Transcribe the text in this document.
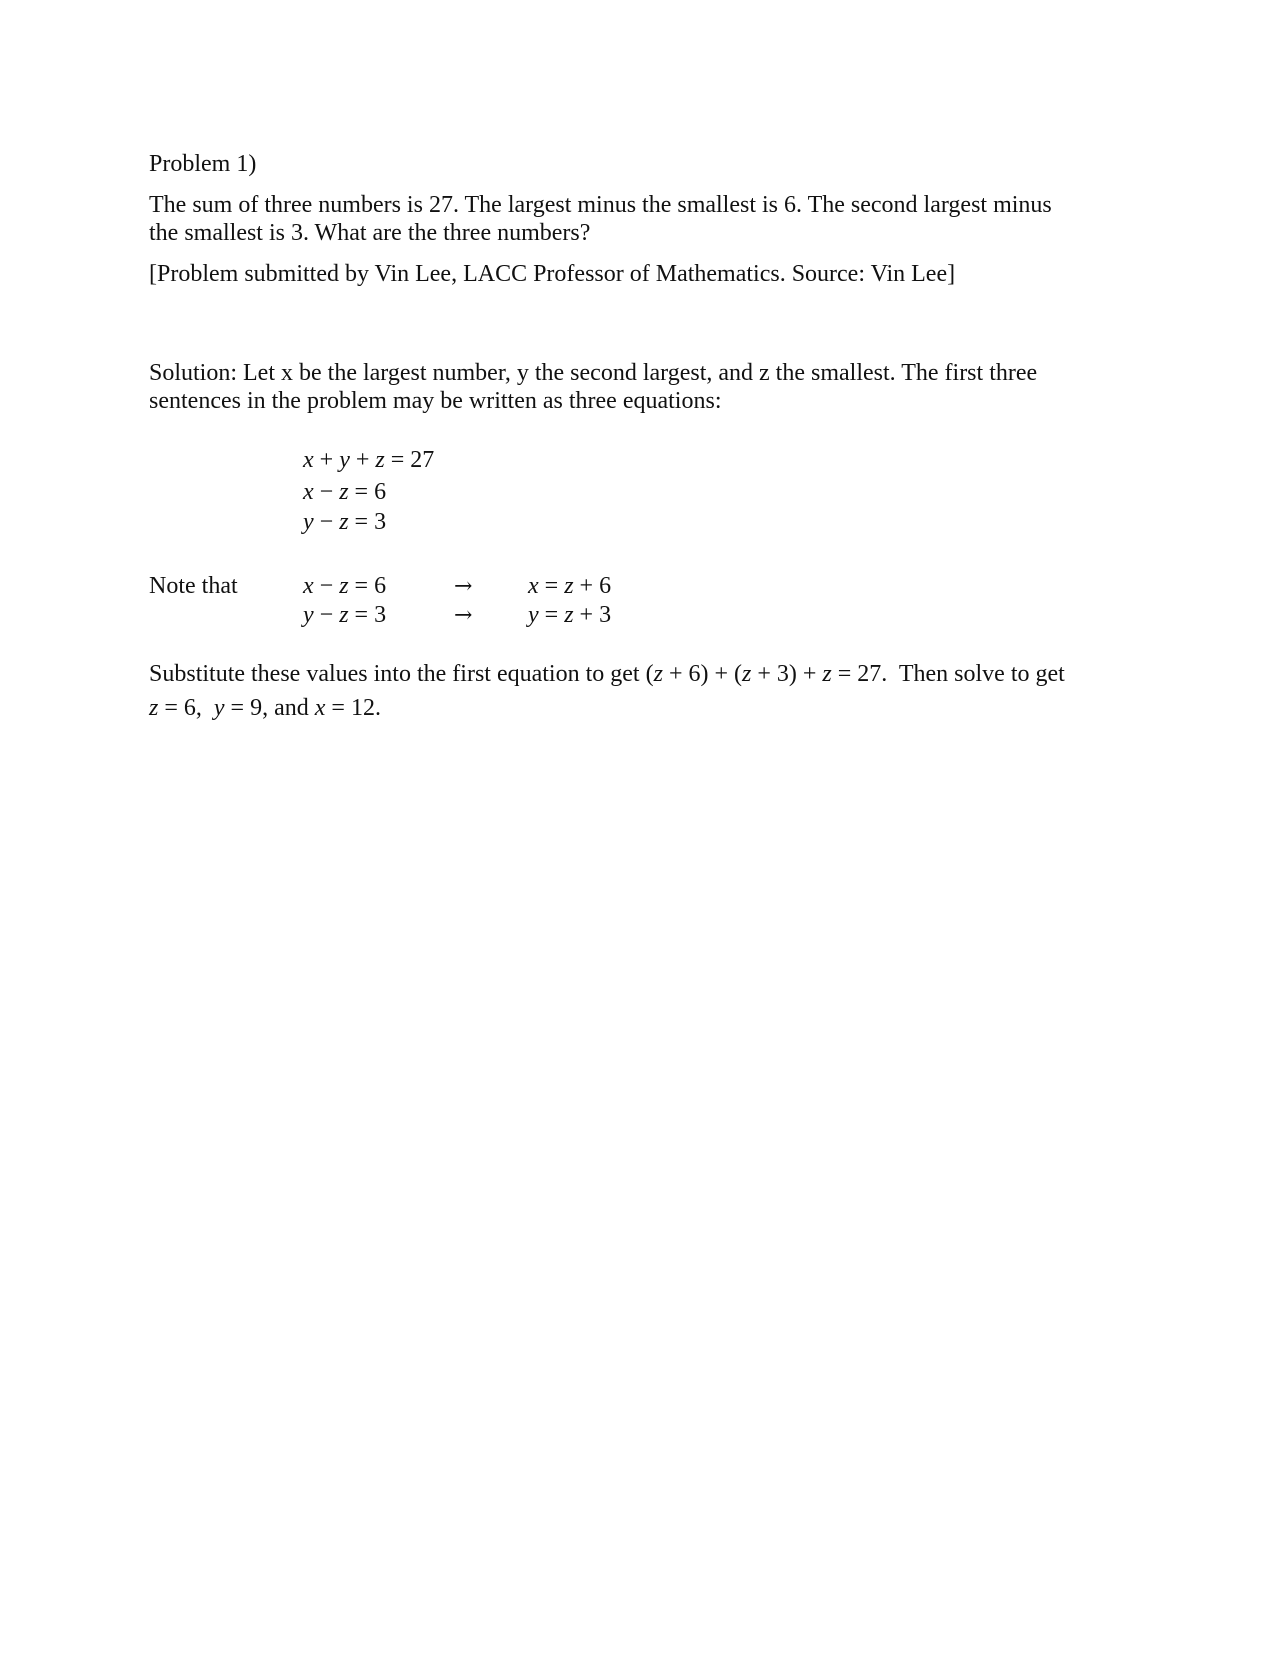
Problem 1)
The sum of three numbers is 27. The largest minus the smallest is 6. The second largest minus
the smallest is 3. What are the three numbers?
[Problem submitted by Vin Lee, LACC Professor of Mathematics. Source: Vin Lee]
Solution: Let x be the largest number, y the second largest, and z the smallest. The first three
sentences in the problem may be written as three equations:
x + y + z = 27
x − z = 6
y − z = 3
Note that	x − z = 6	→ x = z + 6
y − z = 3	→ y = z + 3
Substitute these values into the first equation to get (z + 6) + (z + 3) + z = 27.  Then solve to get
z = 6,  y = 9, and x = 12.
